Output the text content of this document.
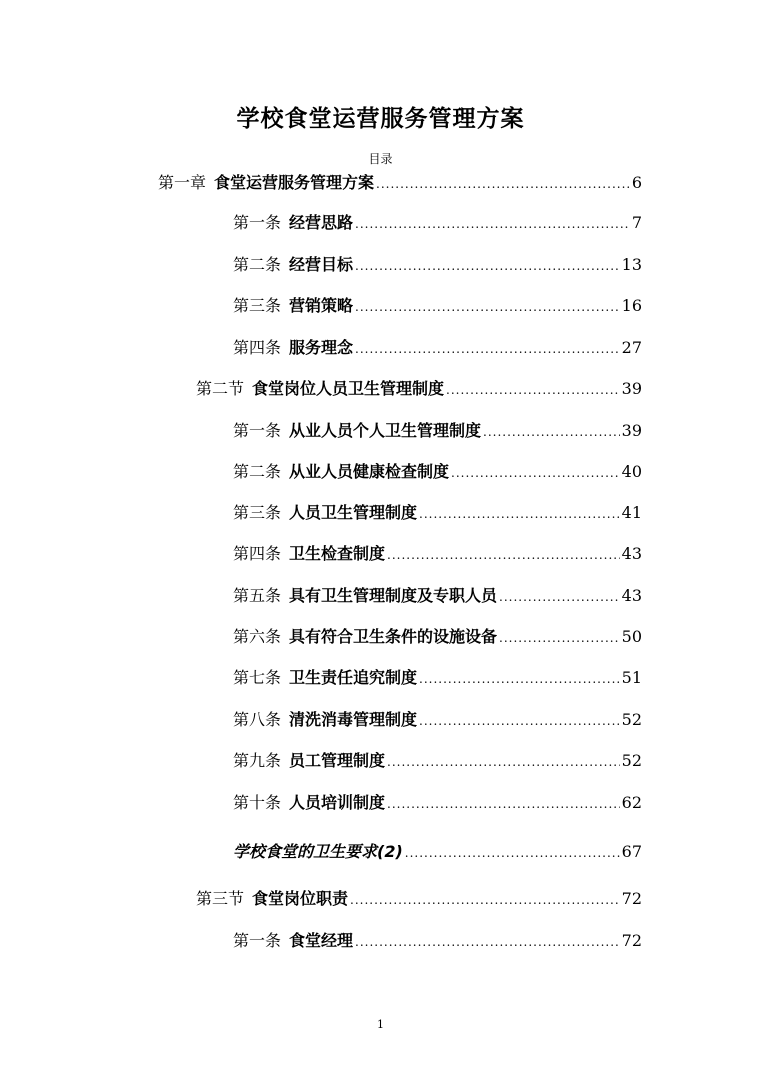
学校食堂运营服务管理方案
目录
第一章 食堂运营服务管理方案 .....	6
第一条 经营思路 .....	7
第二条 经营目标 .....	13
第三条 营销策略 .....	16
第四条 服务理念 .....	27
第二节 食堂岗位人员卫生管理制度 .....	39
第一条 从业人员个人卫生管理制度 .....	39
第二条 从业人员健康检查制度 .....	40
第三条 人员卫生管理制度 .....	41
第四条 卫生检查制度 .....	43
第五条 具有卫生管理制度及专职人员 .....	43
第六条 具有符合卫生条件的设施设备 .....	50
第七条 卫生责任追究制度 .....	51
第八条 清洗消毒管理制度 .....	52
第九条 员工管理制度 .....	52
第十条 人员培训制度 .....	62
学校食堂的卫生要求(2) .....	67
第三节 食堂岗位职责 .....	72
第一条 食堂经理 .....	72
1
